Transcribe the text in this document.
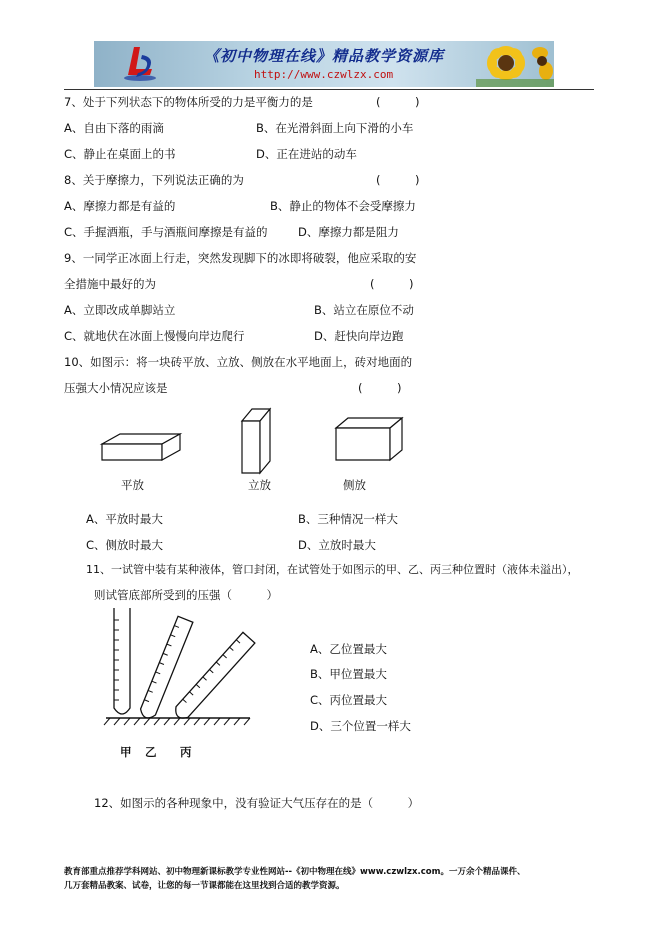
《初中物理在线》精品教学资源库
http://www.czwlzx.com
7、处于下列状态下的物体所受的力是平衡力的是	(　　　)
A、自由下落的雨滴	B、在光滑斜面上向下滑的小车
C、静止在桌面上的书	D、正在进站的动车
8、关于摩擦力，下列说法正确的为	(　　　)
A、摩擦力都是有益的	B、静止的物体不会受摩擦力
C、手握酒瓶，手与酒瓶间摩擦是有益的	D、摩擦力都是阻力
9、一同学正冰面上行走，突然发现脚下的冰即将破裂，他应采取的安
全措施中最好的为	(　　　)
A、立即改成单脚站立	B、站立在原位不动
C、就地伏在冰面上慢慢向岸边爬行	D、赶快向岸边跑
10、如图示：将一块砖平放、立放、侧放在水平地面上，砖对地面的
压强大小情况应该是	(　　　)
平放	立放	侧放
A、平放时最大	B、三种情况一样大
C、侧放时最大	D、立放时最大
11、一试管中装有某种液体，管口封闭，在试管处于如图示的甲、乙、丙三种位置时（液体未溢出），
则试管底部所受到的压强（　　　）
甲 乙 丙
A、乙位置最大
B、甲位置最大
C、丙位置最大
D、三个位置一样大
12、如图示的各种现象中，没有验证大气压存在的是（　　　）
教育部重点推荐学科网站、初中物理新课标教学专业性网站--《初中物理在线》www.czwlzx.com。一万余个精品课件、
几万套精品教案、试卷，让您的每一节课都能在这里找到合适的教学资源。
